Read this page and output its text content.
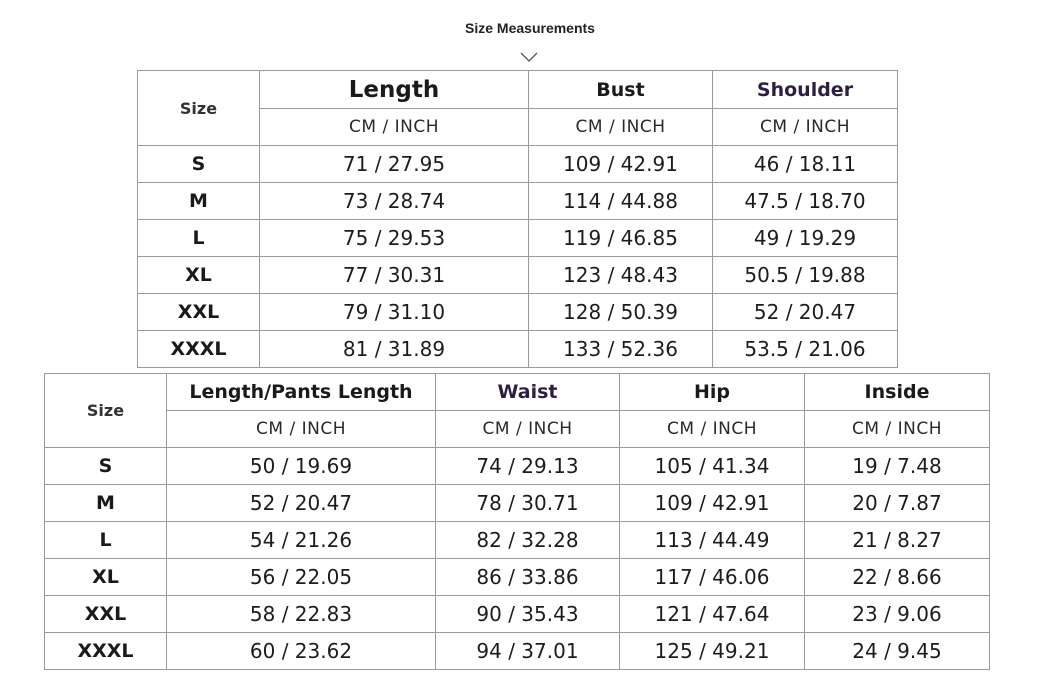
Size Measurements
Size	Length	Bust	Shoulder
	CM / INCH	CM / INCH	CM / INCH
S	71 / 27.95	109 / 42.91	46 / 18.11
M	73 / 28.74	114 / 44.88	47.5 / 18.70
L	75 / 29.53	119 / 46.85	49 / 19.29
XL	77 / 30.31	123 / 48.43	50.5 / 19.88
XXL	79 / 31.10	128 / 50.39	52 / 20.47
XXXL	81 / 31.89	133 / 52.36	53.5 / 21.06
Size	Length/Pants Length	Waist	Hip	Inside
	CM / INCH	CM / INCH	CM / INCH	CM / INCH
S	50 / 19.69	74 / 29.13	105 / 41.34	19 / 7.48
M	52 / 20.47	78 / 30.71	109 / 42.91	20 / 7.87
L	54 / 21.26	82 / 32.28	113 / 44.49	21 / 8.27
XL	56 / 22.05	86 / 33.86	117 / 46.06	22 / 8.66
XXL	58 / 22.83	90 / 35.43	121 / 47.64	23 / 9.06
XXXL	60 / 23.62	94 / 37.01	125 / 49.21	24 / 9.45
